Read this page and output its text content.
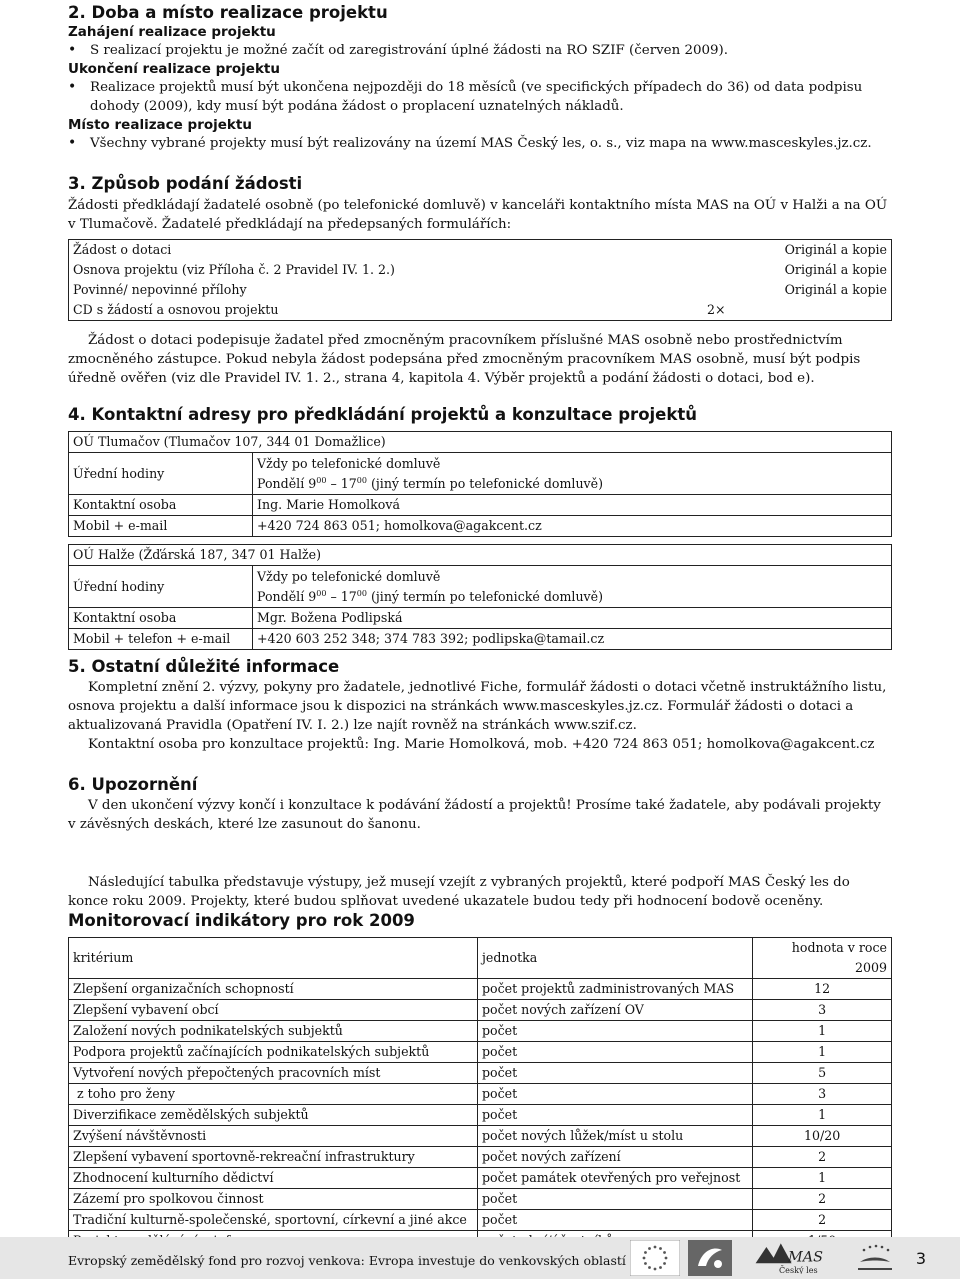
2. Doba a místo realizace projektu
Zahájení realizace projektu
• S realizací projektu je možné začít od zaregistrování úplné žádosti na RO SZIF (červen 2009).
Ukončení realizace projektu
• Realizace projektů musí být ukončena nejpozději do 18 měsíců (ve specifických případech do 36) od data podpisu dohody (2009), kdy musí být podána žádost o proplacení uznatelných nákladů.
Místo realizace projektu
• Všechny vybrané projekty musí být realizovány na území MAS Český les, o. s., viz mapa na www.masceskyles.jz.cz.
3. Způsob podání žádosti

Žádosti předkládají žadatelé osobně (po telefonické domluvě) v kanceláři kontaktního místa MAS na OÚ v Halži a na OÚ v Tlumačově. Žadatelé předkládají na předepsaných formulářích:

Žádost o dotaci	Originál a kopie
Osnova projektu (viz Příloha č. 2 Pravidel IV. 1. 2.)	Originál a kopie
Povinné/ nepovinné přílohy	Originál a kopie
CD s žádostí a osnovou projektu	2×

Žádost o dotaci podepisuje žadatel před zmocněným pracovníkem příslušné MAS osobně nebo prostřednictvím zmocněného zástupce. Pokud nebyla žádost podepsána před zmocněným pracovníkem MAS osobně, musí být podpis úředně ověřen (viz dle Pravidel IV. 1. 2., strana 4, kapitola 4. Výběr projektů a podání žádosti o dotaci, bod e).

4. Kontaktní adresy pro předkládání projektů a konzultace projektů
OÚ Tlumačov (Tlumačov 107, 344 01 Domažlice)	
Úřední hodiny	Vždy po telefonické domluvě
Pondělí $9^{00} - 17^{00}$ (jiný termín po telefonické domluvě)

Kontaktní osoba	Ing. Marie Homolková
Mobil + e-mail	+420 724 863 051; homolkova@agakcent.cz
OÚ Halže (Žďárská 187, 347 01 Halže)	
Úřední hodiny	Vždy po telefonické domluvě
Pondělí $9^{00} - 17^{00}$ (jiný termín po telefonické domluvě)

Kontaktní osoba	Mgr. Božena Podlipská
Mobil + telefon + e-mail	+420 603 252 348; 374 783 392; podlipska@tamail.cz
5. Ostatní důležité informace

Kompletní znění 2. výzvy, pokyny pro žadatele, jednotlivé Fiche, formulář žádosti o dotaci včetně instruktážního listu, osnova projektu a další informace jsou k dispozici na stránkách www.masceskyles.jz.cz. Formulář žádosti o dotaci a aktualizovaná Pravidla (Opatření IV. I. 2.) lze najít rovněž na stránkách www.szif.cz.

Kontaktní osoba pro konzultace projektů: Ing. Marie Homolková, mob. +420 724 863 051; homolkova@agakcent.cz

6. Upozornění

V den ukončení výzvy končí i konzultace k podávání žádostí a projektů! Prosíme také žadatele, aby podávali projekty v závěsných deskách, které lze zasunout do šanonu.

Následující tabulka představuje výstupy, jež musejí vzejít z vybraných projektů, které podpoří MAS Český les do konce roku 2009. Projekty, které budou splňovat uvedené ukazatele budou tedy při hodnocení bodově oceněny.

Monitorovací indikátory pro rok 2009
kritérium	jednotka	hodnota v roce 2009
Zlepšení organizačních schopností	počet projektů zadministrovaných MAS	12
Zlepšení vybavení obcí	počet nových zařízení OV	3
Založení nových podnikatelských subjektů	počet	1
Podpora projektů začínajících podnikatelských subjektů	počet	1
Vytvoření nových přepočtených pracovních míst	počet	5
z toho pro ženy	počet	3
Diverzifikace zemědělských subjektů	počet	1
Zvýšení návštěvnosti	počet nových lůžek/míst u stolu	10/20
Zlepšení vybavení sportovně-rekreační infrastruktury	počet nových zařízení	2
Zhodnocení kulturního dědictví	počet památek otevřených pro veřejnost	1
Zázemí pro spolkovou činnost	počet	2
Tradiční kulturně-společenské, sportovní, církevní a jiné akce	počet	2

Evropský zemědělský fond pro rozvoj venkova: Evropa investuje do venkovských oblastí	MAS
Český les
3
